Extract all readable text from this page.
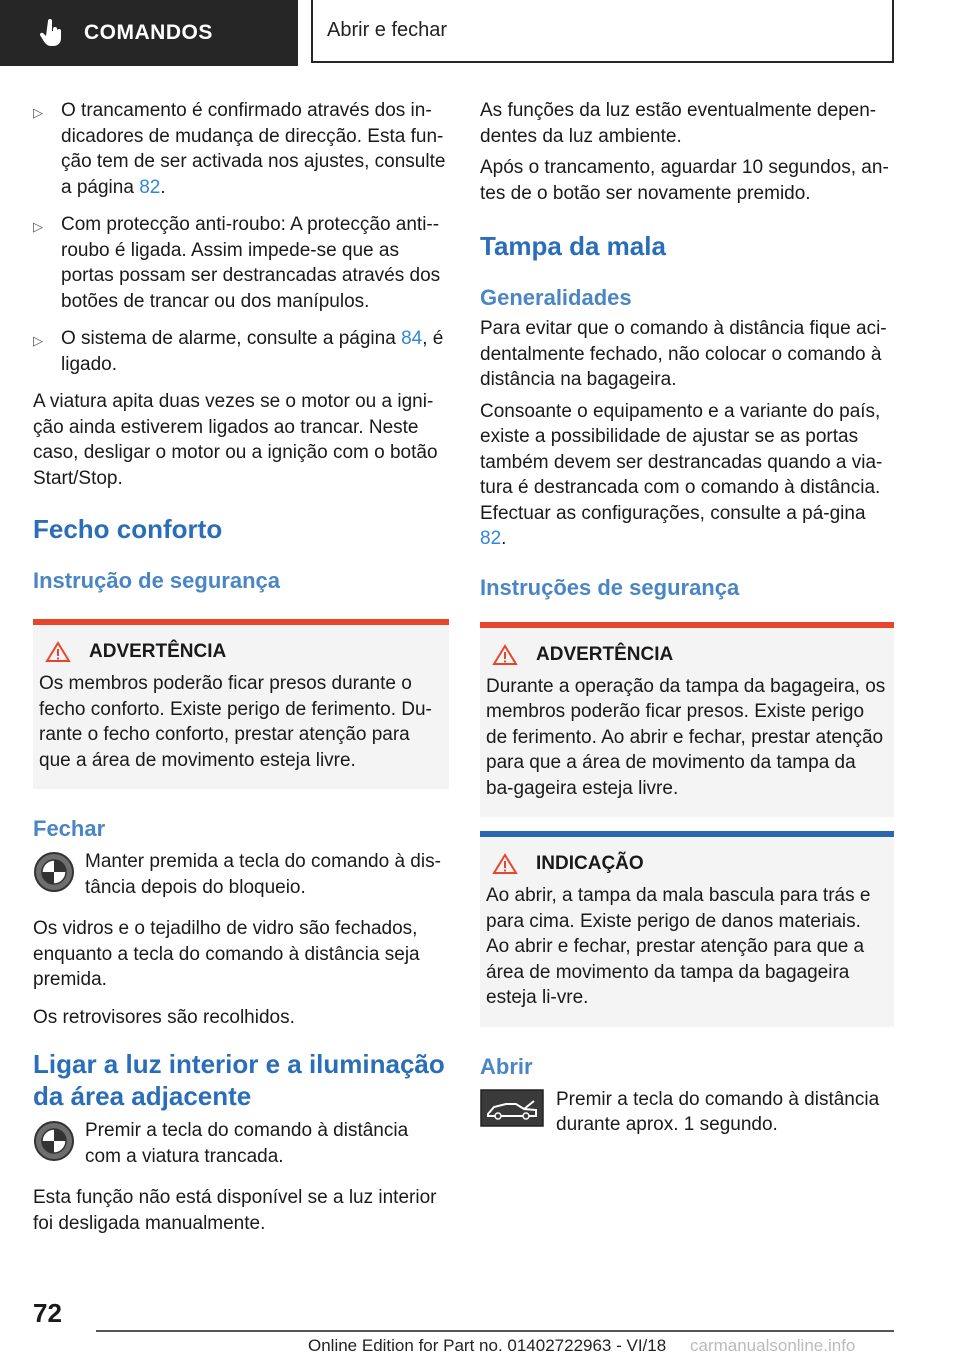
COMANDOS	Abrir e fechar
▷ O trancamento é confirmado através dos in-dicadores de mudança de direcção. Esta fun-ção tem de ser activada nos ajustes, consulte a página 82.
▷ Com protecção anti-roubo: A protecção anti--roubo é ligada. Assim impede-se que as portas possam ser destrancadas através dos botões de trancar ou dos manípulos.
▷ O sistema de alarme, consulte a página 84, é ligado.

A viatura apita duas vezes se o motor ou a igni-ção ainda estiverem ligados ao trancar. Neste caso, desligar o motor ou a ignição com o botão Start/Stop.

Fecho conforto
Instrução de segurança
ADVERTÊNCIA

Os membros poderão ficar presos durante o fecho conforto. Existe perigo de ferimento. Du-rante o fecho conforto, prestar atenção para que a área de movimento esteja livre.

Fechar
Manter premida a tecla do comando à dis-tância depois do bloqueio.

Os vidros e o tejadilho de vidro são fechados, enquanto a tecla do comando à distância seja premida.

Os retrovisores são recolhidos.

Ligar a luz interior e a iluminação da área adjacente
Premir a tecla do comando à distância com a viatura trancada.

Esta função não está disponível se a luz interior foi desligada manualmente.

As funções da luz estão eventualmente depen-dentes da luz ambiente.

Após o trancamento, aguardar 10 segundos, an-tes de o botão ser novamente premido.

Tampa da mala
Generalidades

Para evitar que o comando à distância fique aci-dentalmente fechado, não colocar o comando à distância na bagageira.

Consoante o equipamento e a variante do país, existe a possibilidade de ajustar se as portas também devem ser destrancadas quando a via-tura é destrancada com o comando à distância. Efectuar as configurações, consulte a pá-gina 82.

Instruções de segurança
ADVERTÊNCIA

Durante a operação da tampa da bagageira, os membros poderão ficar presos. Existe perigo de ferimento. Ao abrir e fechar, prestar atenção para que a área de movimento da tampa da ba-gageira esteja livre.

INDICAÇÃO

Ao abrir, a tampa da mala bascula para trás e para cima. Existe perigo de danos materiais. Ao abrir e fechar, prestar atenção para que a área de movimento da tampa da bagageira esteja li-vre.

Abrir
Premir a tecla do comando à distância durante aprox. 1 segundo.
72
Online Edition for Part no. 01402722963 - VI/18 carmanualsonline.info
